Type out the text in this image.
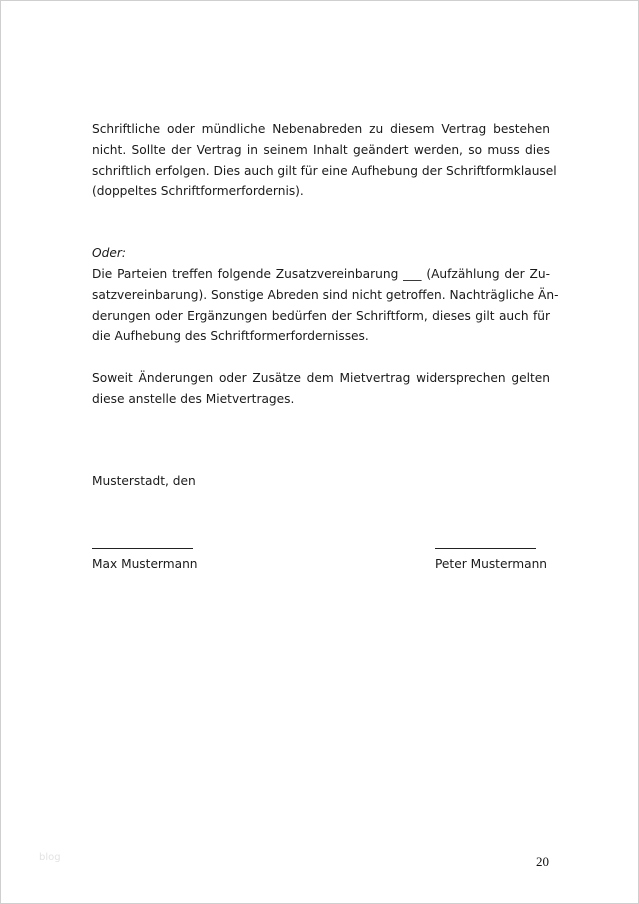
Schriftliche oder mündliche Nebenabreden zu diesem Vertrag bestehen
nicht. Sollte der Vertrag in seinem Inhalt geändert werden, so muss dies
schriftlich erfolgen. Dies auch gilt für eine Aufhebung der Schriftformklausel
(doppeltes Schriftformerfordernis).
Oder:
Die Parteien treffen folgende Zusatzvereinbarung ___ (Aufzählung der Zu-
satzvereinbarung). Sonstige Abreden sind nicht getroffen. Nachträgliche Än-
derungen oder Ergänzungen bedürfen der Schriftform, dieses gilt auch für
die Aufhebung des Schriftformerfordernisses.
Soweit Änderungen oder Zusätze dem Mietvertrag widersprechen gelten
diese anstelle des Mietvertrages.
Musterstadt, den
Max Mustermann	Peter Mustermann
blog	20
